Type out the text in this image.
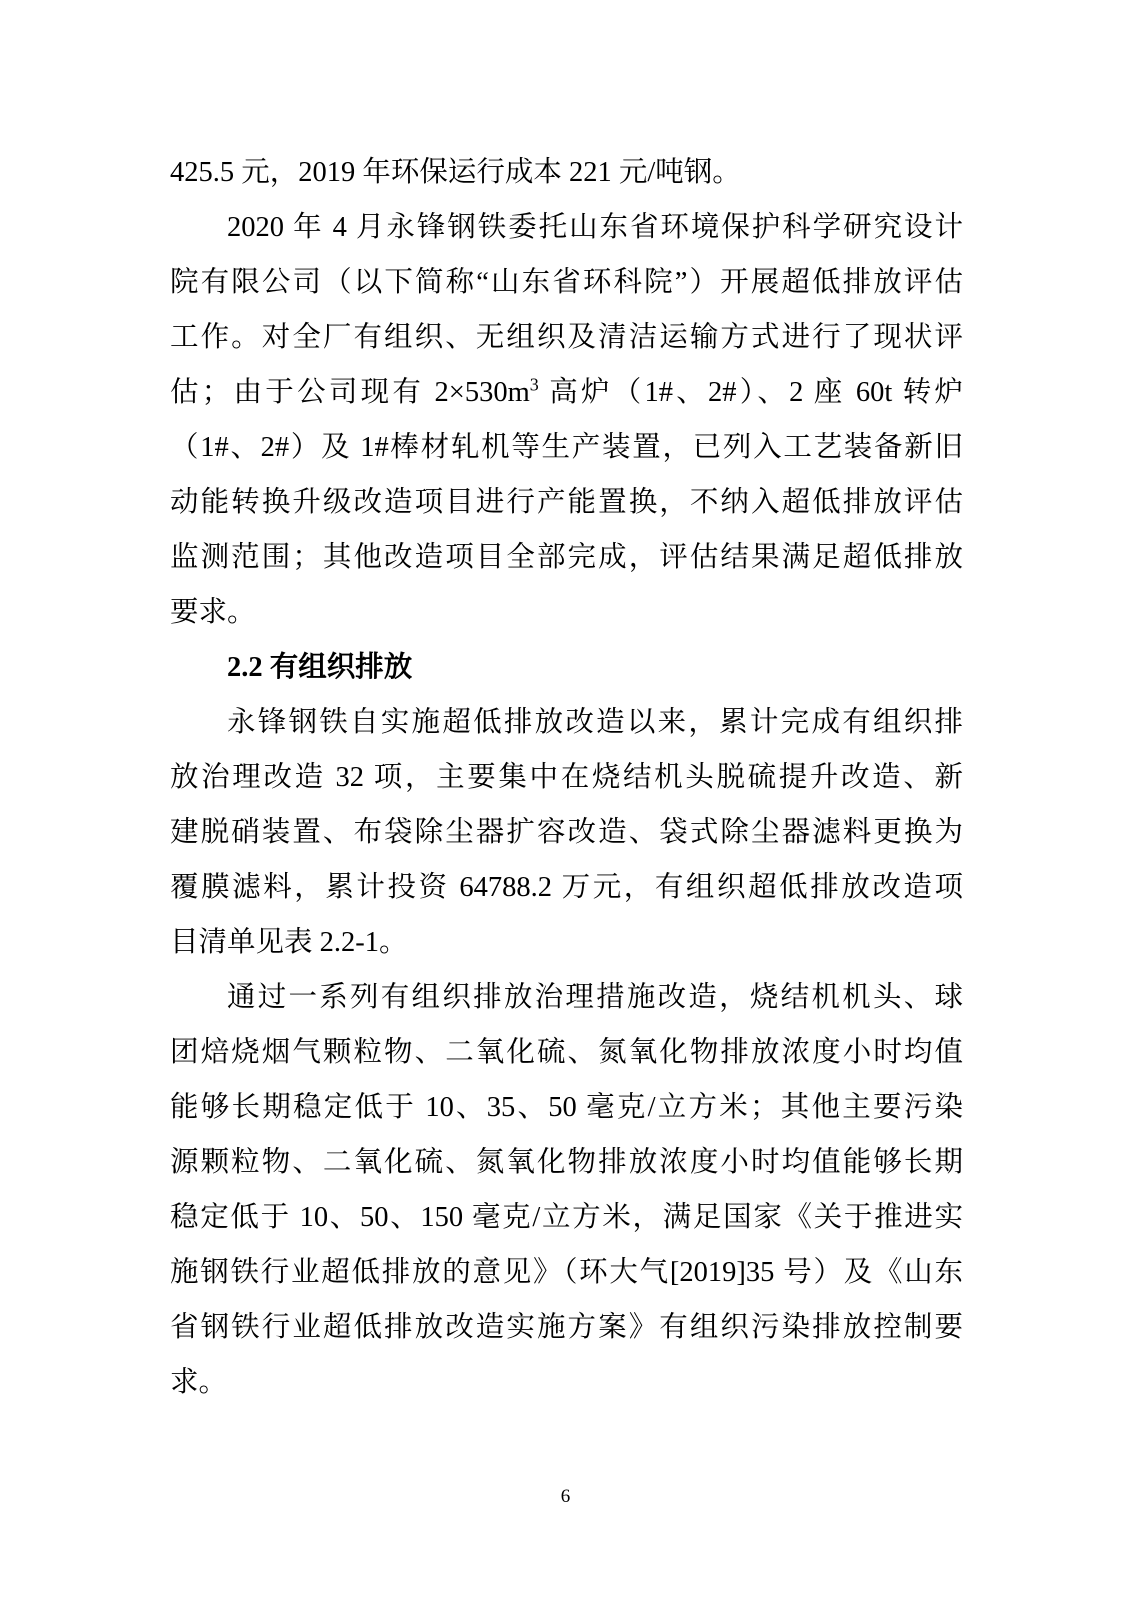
425.5 元，2019 年环保运行成本 221 元/吨钢。
2020 年 4 月永锋钢铁委托山东省环境保护科学研究设计
院有限公司（以下简称“山东省环科院”）开展超低排放评估
工作。对全厂有组织、无组织及清洁运输方式进行了现状评
估；由于公司现有 $2\times 530m^3$ 高炉（1#、2#）、2 座 60t 转炉
（1#、2#）及 1#棒材轧机等生产装置，已列入工艺装备新旧
动能转换升级改造项目进行产能置换，不纳入超低排放评估
监测范围；其他改造项目全部完成，评估结果满足超低排放
要求。
2.2 有组织排放
永锋钢铁自实施超低排放改造以来，累计完成有组织排
放治理改造 32 项，主要集中在烧结机头脱硫提升改造、新
建脱硝装置、布袋除尘器扩容改造、袋式除尘器滤料更换为
覆膜滤料，累计投资 64788.2 万元，有组织超低排放改造项
目清单见表 2.2-1。
通过一系列有组织排放治理措施改造，烧结机机头、球
团焙烧烟气颗粒物、二氧化硫、氮氧化物排放浓度小时均值
能够长期稳定低于 10、35、50 毫克/立方米；其他主要污染
源颗粒物、二氧化硫、氮氧化物排放浓度小时均值能够长期
稳定低于 10、50、150 毫克/立方米，满足国家《关于推进实
施钢铁行业超低排放的意见》（环大气[2019]35 号）及《山东
省钢铁行业超低排放改造实施方案》有组织污染排放控制要
求。
6
